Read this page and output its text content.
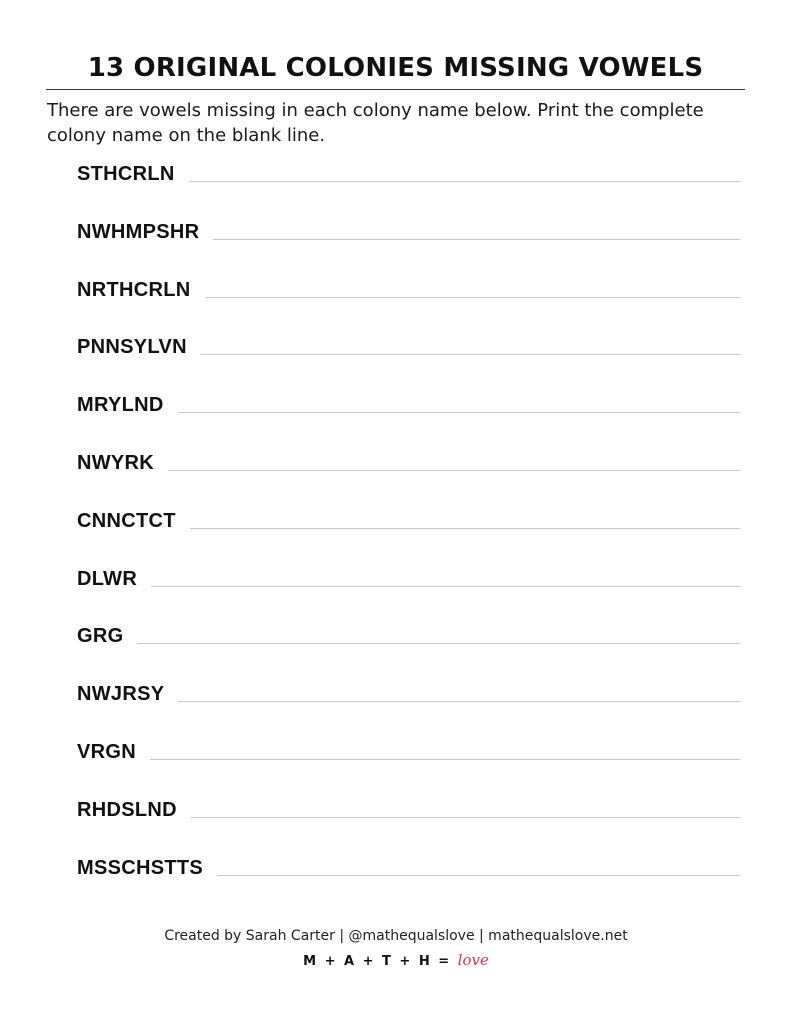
13 ORIGINAL COLONIES MISSING VOWELS
There are vowels missing in each colony name below. Print the complete colony name on the blank line.
STHCRLN
NWHMPSHR
NRTHCRLN
PNNSYLVN
MRYLND
NWYRK
CNNCTCT
DLWR
GRG
NWJRSY
VRGN
RHDSLND
MSSCHSTTS
Created by Sarah Carter | @mathequalslove | mathequalslove.net
M + A + T + H = love
